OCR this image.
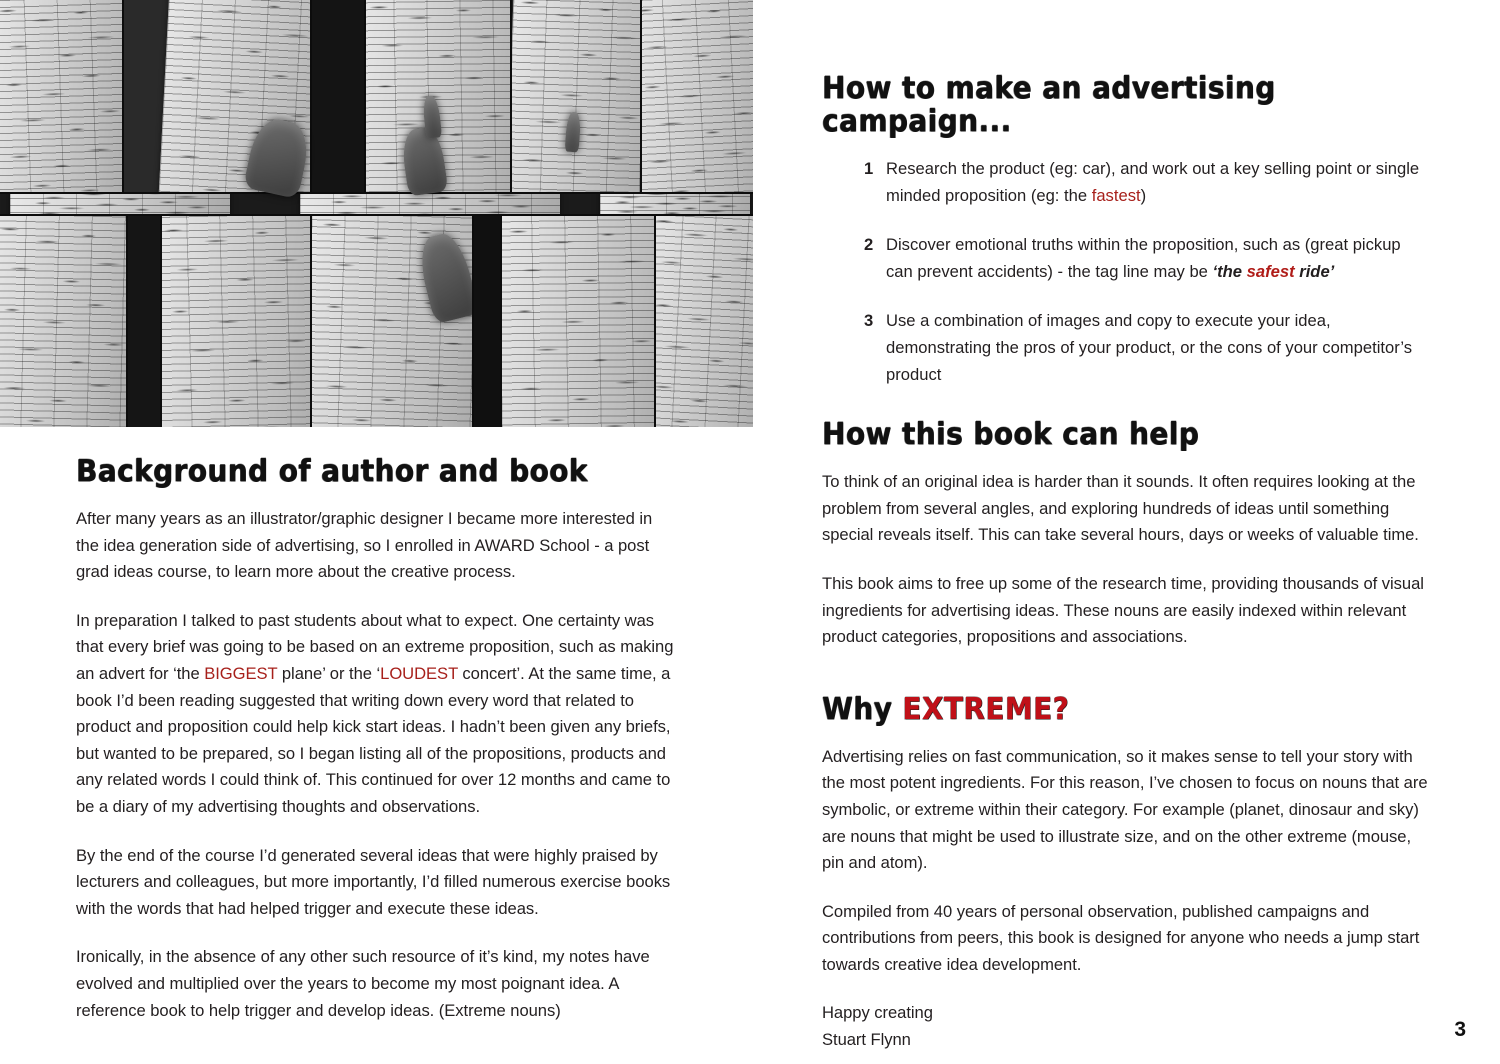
Background of author and book

After many years as an illustrator/graphic designer I became more interested in the idea generation side of advertising, so I enrolled in AWARD School - a post grad ideas course, to learn more about the creative process.

In preparation I talked to past students about what to expect. One certainty was that every brief was going to be based on an extreme proposition, such as making an advert for ‘the BIGGEST plane’ or the ‘LOUDEST concert’. At the same time, a book I’d been reading suggested that writing down every word that related to product and proposition could help kick start ideas. I hadn’t been given any briefs, but wanted to be prepared, so I began listing all of the propositions, products and any related words I could think of. This continued for over 12 months and came to be a diary of my advertising thoughts and observations.

By the end of the course I’d generated several ideas that were highly praised by lecturers and colleagues, but more importantly, I’d filled numerous exercise books with the words that had helped trigger and execute these ideas.

Ironically, in the absence of any other such resource of it’s kind, my notes have evolved and multiplied over the years to become my most poignant idea. A reference book to help trigger and develop ideas. (Extreme nouns)

How to make an advertising campaign...
1 Research the product (eg: car), and work out a key selling point or single minded proposition (eg: the fastest)
2 Discover emotional truths within the proposition, such as (great pickup can prevent accidents) - the tag line may be ‘the safest ride’
3 Use a combination of images and copy to execute your idea, demonstrating the pros of your product, or the cons of your competitor’s product
How this book can help

To think of an original idea is harder than it sounds. It often requires looking at the problem from several angles, and exploring hundreds of ideas until something special reveals itself. This can take several hours, days or weeks of valuable time.

This book aims to free up some of the research time, providing thousands of visual ingredients for advertising ideas. These nouns are easily indexed within relevant product categories, propositions and associations.

Why EXTREME?

Advertising relies on fast communication, so it makes sense to tell your story with the most potent ingredients. For this reason, I’ve chosen to focus on nouns that are symbolic, or extreme within their category. For example (planet, dinosaur and sky) are nouns that might be used to illustrate size, and on the other extreme (mouse, pin and atom).

Compiled from 40 years of personal observation, published campaigns and contributions from peers, this book is designed for anyone who needs a jump start towards creative idea development.

Happy creating
Stuart Flynn	3
